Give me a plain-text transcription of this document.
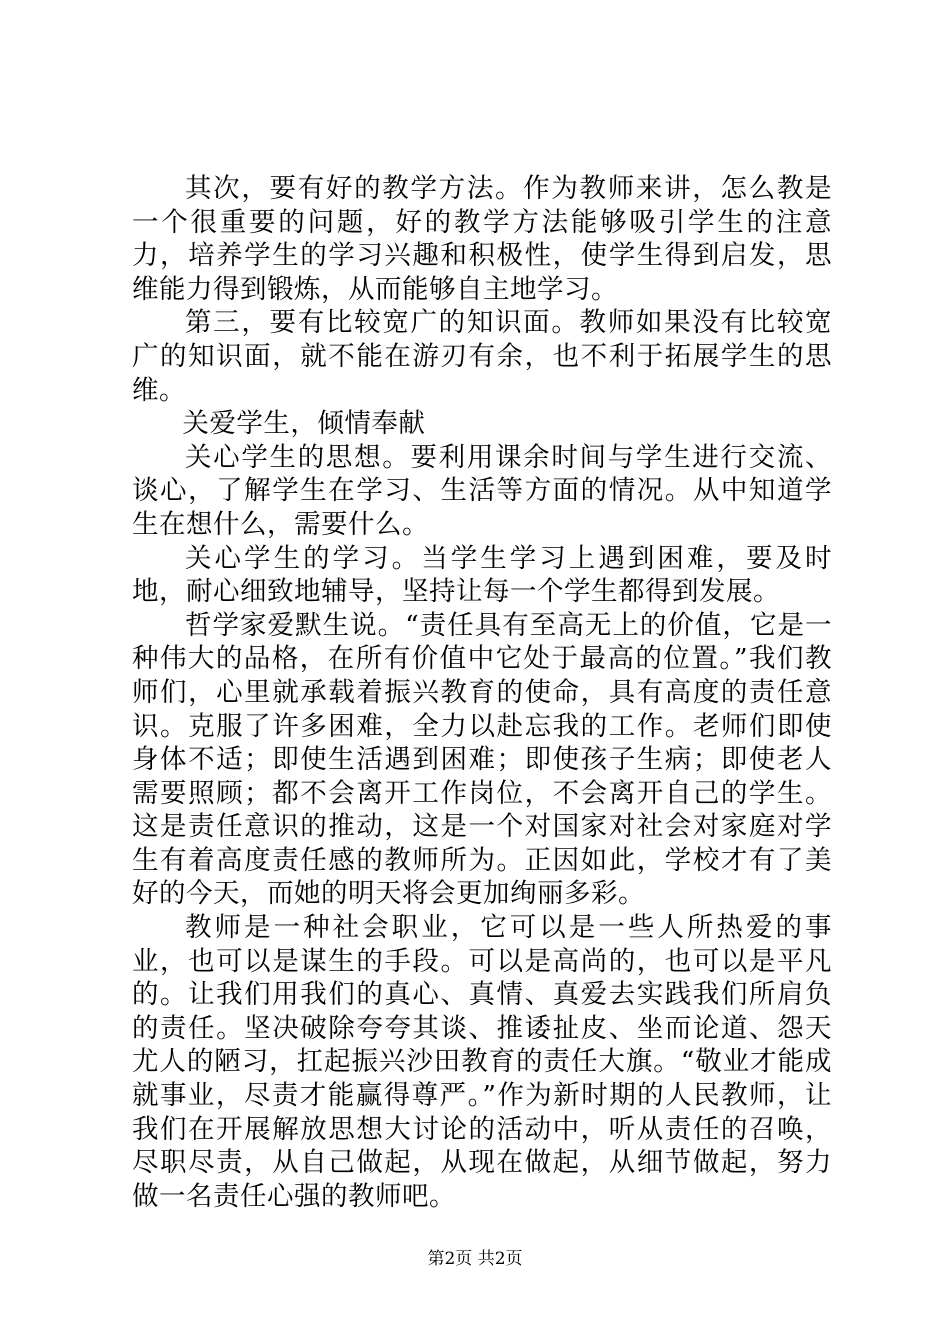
其次，要有好的教学方法。作为教师来讲，怎么教是一个很重要的问题，好的教学方法能够吸引学生的注意力，培养学生的学习兴趣和积极性，使学生得到启发，思维能力得到锻炼，从而能够自主地学习。

第三，要有比较宽广的知识面。教师如果没有比较宽广的知识面，就不能在游刃有余，也不利于拓展学生的思维。

关爱学生，倾情奉献

关心学生的思想。要利用课余时间与学生进行交流、谈心，了解学生在学习、生活等方面的情况。从中知道学生在想什么，需要什么。

关心学生的学习。当学生学习上遇到困难，要及时地，耐心细致地辅导，坚持让每一个学生都得到发展。

哲学家爱默生说。“责任具有至高无上的价值，它是一种伟大的品格，在所有价值中它处于最高的位置。”我们教师们，心里就承载着振兴教育的使命，具有高度的责任意识。克服了许多困难，全力以赴忘我的工作。老师们即使身体不适；即使生活遇到困难；即使孩子生病；即使老人需要照顾；都不会离开工作岗位，不会离开自己的学生。这是责任意识的推动，这是一个对国家对社会对家庭对学生有着高度责任感的教师所为。正因如此，学校才有了美好的今天，而她的明天将会更加绚丽多彩。

教师是一种社会职业，它可以是一些人所热爱的事业，也可以是谋生的手段。可以是高尚的，也可以是平凡的。让我们用我们的真心、真情、真爱去实践我们所肩负的责任。坚决破除夸夸其谈、推诿扯皮、坐而论道、怨天尤人的陋习，扛起振兴沙田教育的责任大旗。“敬业才能成就事业，尽责才能赢得尊严。”作为新时期的人民教师，让我们在开展解放思想大讨论的活动中，听从责任的召唤，尽职尽责，从自己做起，从现在做起，从细节做起，努力做一名责任心强的教师吧。

第2页 共2页
